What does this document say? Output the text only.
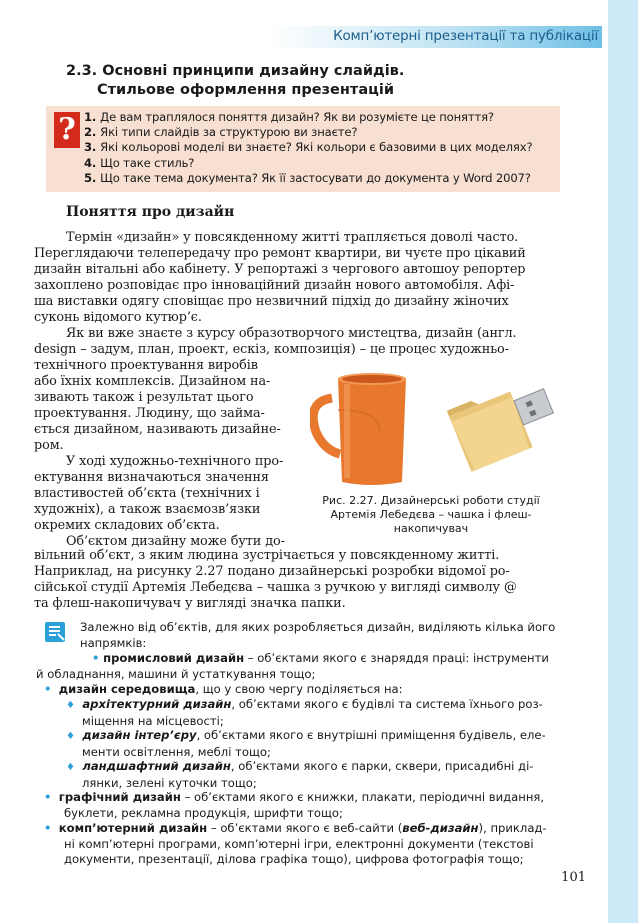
Комп’ютерні презентації та публікації
2.3. Основні принципи дизайну слайдів.
Стильове оформлення презентацій
? 1. Де вам траплялося поняття дизайн? Як ви розумієте це поняття?
2. Які типи слайдів за структурою ви знаєте?
3. Які кольорові моделі ви знаєте? Які кольори є базовими в цих моделях?
4. Що таке стиль?
5. Що таке тема документа? Як її застосувати до документа у Word 2007?
Поняття про дизайн
Термін «дизайн» у повсякденному житті трапляється доволі часто.
Переглядаючи телепередачу про ремонт квартири, ви чуєте про цікавий
дизайн вітальні або кабінету. У репортажі з чергового автошоу репортер
захоплено розповідає про інноваційний дизайн нового автомобіля. Афі-
ша виставки одягу сповіщає про незвичний підхід до дизайну жіночих
суконь відомого кутюр’є.
Як ви вже знаєте з курсу образотворчого мистецтва, дизайн (англ.
design – задум, план, проект, ескіз, композиція) – це процес художньо-
технічного проектування виробів
або їхніх комплексів. Дизайном на-
зивають також і результат цього
проектування. Людину, що займа-
ється дизайном, називають дизайне-
ром.
У ході художньо-технічного про-
ектування визначаються значення
властивостей об’єкта (технічних і
художніх), а також взаємозв’язки
окремих складових об’єкта.
Об’єктом дизайну може бути до-
Рис. 2.27. Дизайнерські роботи студії
Артемія Лебедєва – чашка і флеш-
накопичувач
вільний об’єкт, з яким людина зустрічається у повсякденному житті.
Наприклад, на рисунку 2.27 подано дизайнерські розробки відомої ро-
сійської студії Артемія Лебедєва – чашка з ручкою у вигляді символу @
та флеш-накопичувач у вигляді значка папки.
Залежно від об’єктів, для яких розробляється дизайн, виділяють кілька його
напрямків:
• промисловий дизайн – об’єктами якого є знаряддя праці: інструменти
й обладнання, машини й устаткування тощо;
• дизайн середовища, що у свою чергу поділяється на:
♦ архітектурний дизайн, об’єктами якого є будівлі та система їхнього роз-
міщення на місцевості;
♦ дизайн інтер’єру, об’єктами якого є внутрішні приміщення будівель, еле-
менти освітлення, меблі тощо;
♦ ландшафтний дизайн, об’єктами якого є парки, сквери, присадибні ді-
лянки, зелені куточки тощо;
• графічний дизайн – об’єктами якого є книжки, плакати, періодичні видання,
буклети, рекламна продукція, шрифти тощо;
• комп’ютерний дизайн – об’єктами якого є веб-сайти (веб-дизайн), приклад-
ні комп’ютерні програми, комп’ютерні ігри, електронні документи (текстові
документи, презентації, ділова графіка тощо), цифрова фотографія тощо;
101
